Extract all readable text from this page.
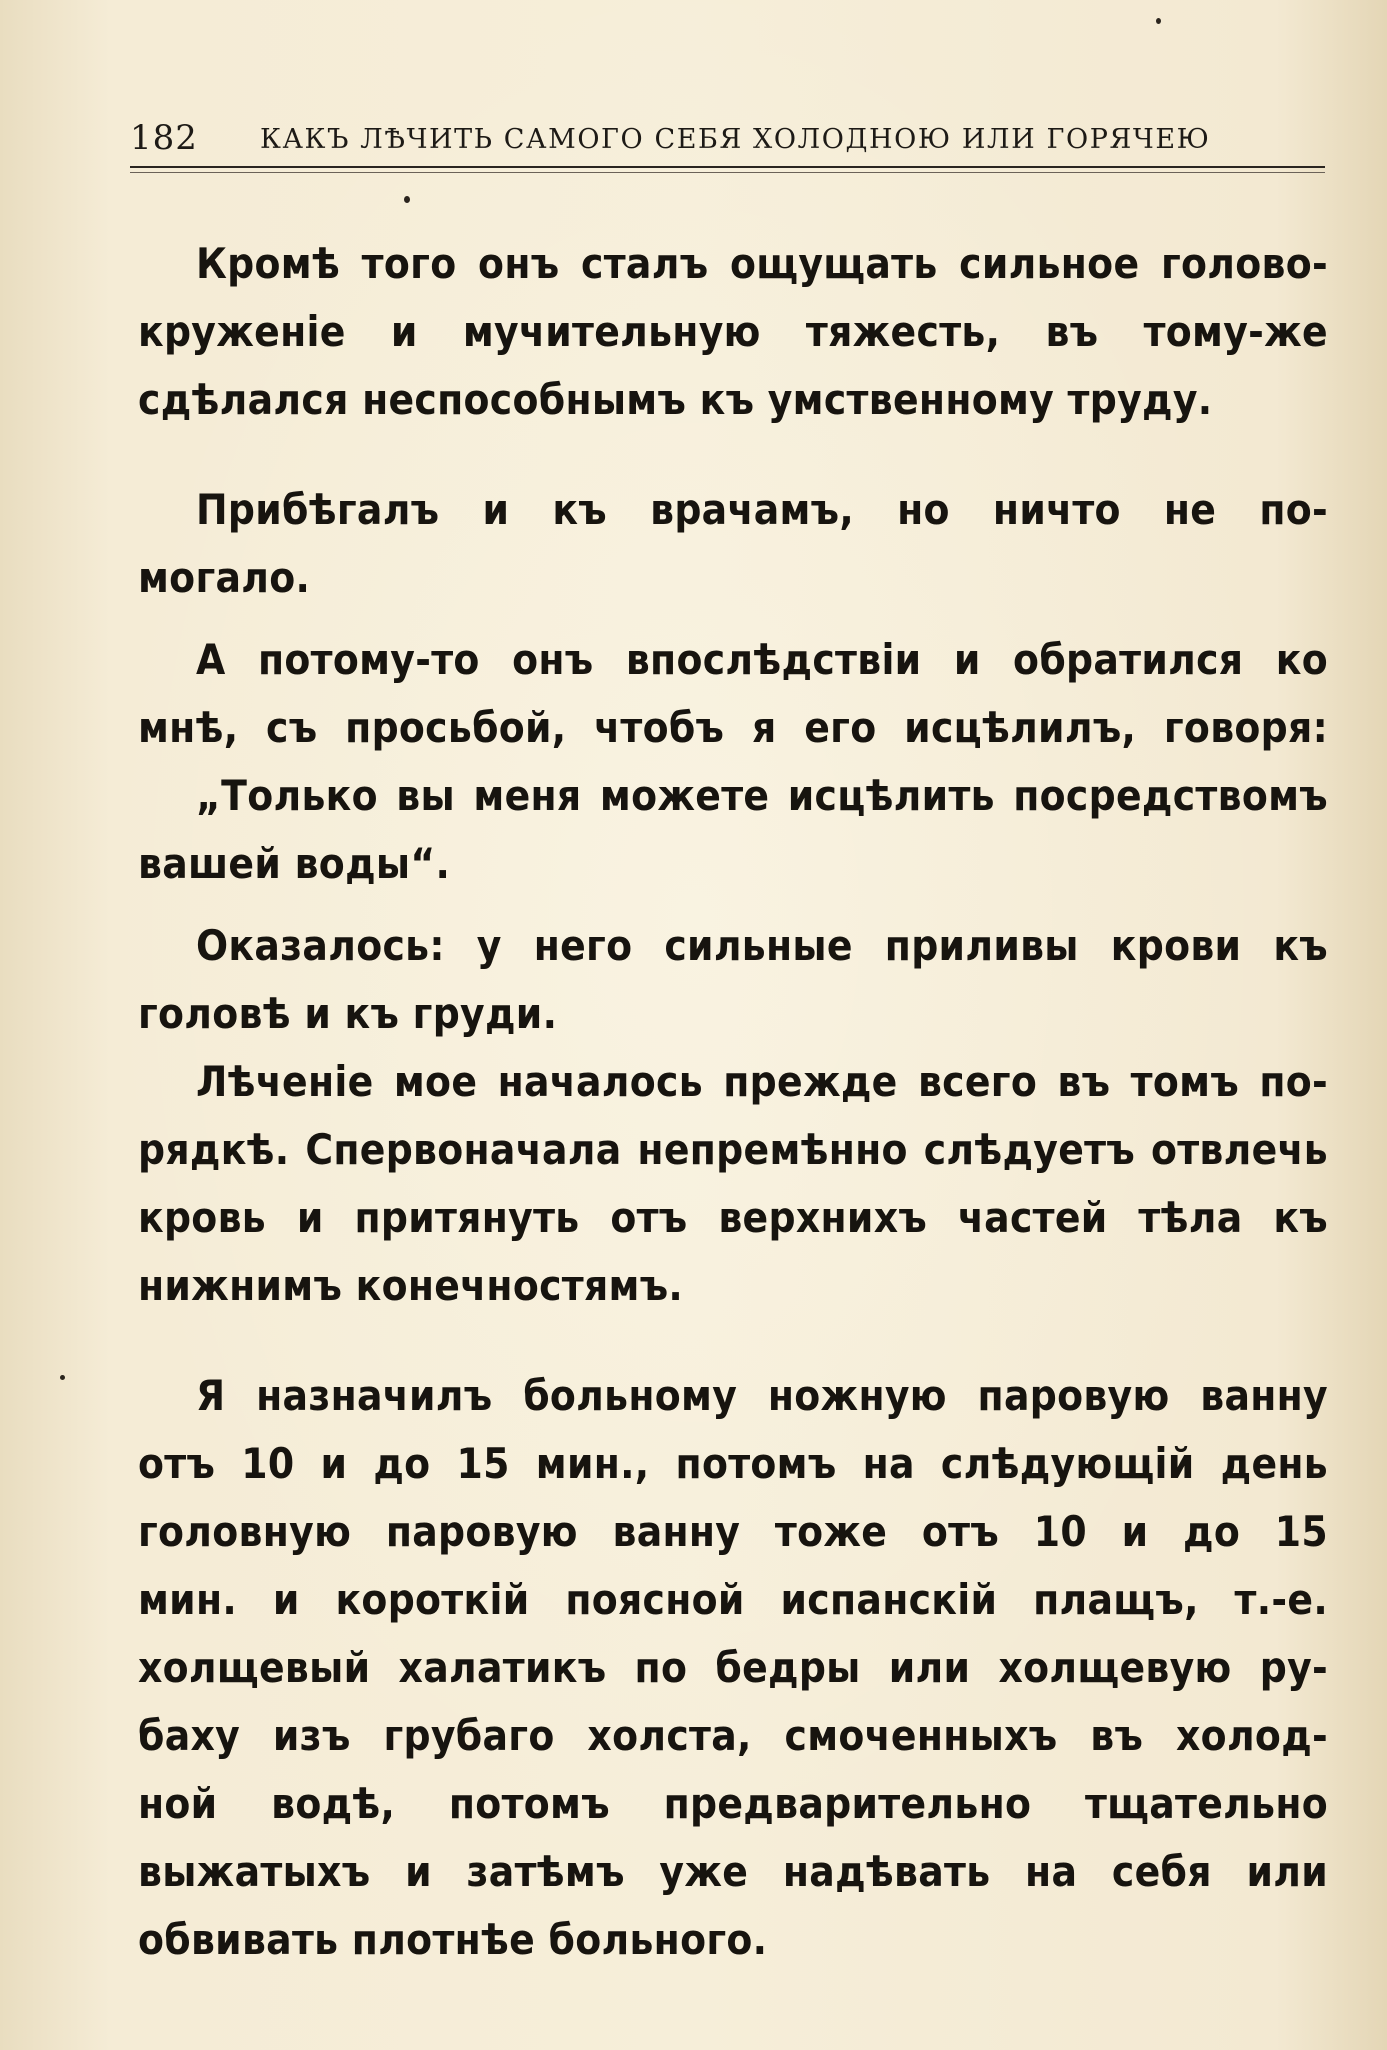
182 КАКЪ ЛѢЧИТЬ САМОГО СЕБЯ ХОЛОДНОЮ ИЛИ ГОРЯЧЕЮ
Кромѣ того онъ сталъ ощущать сильное голово-
круженіе и мучительную тяжесть, въ тому-же
сдѣлался неспособнымъ къ умственному труду.
Прибѣгалъ и къ врачамъ, но ничто не по-
могало.
А потому-то онъ впослѣдствіи и обратился ко
мнѣ, съ просьбой, чтобъ я его исцѣлилъ, говоря:
„Только вы меня можете исцѣлить посредствомъ
вашей воды“.
Оказалось: у него сильные приливы крови къ
головѣ и къ груди.
Лѣченіе мое началось прежде всего въ томъ по-
рядкѣ. Спервоначала непремѣнно слѣдуетъ отвлечь
кровь и притянуть отъ верхнихъ частей тѣла къ
нижнимъ конечностямъ.
Я назначилъ больному ножную паровую ванну
отъ 10 и до 15 мин., потомъ на слѣдующій день
головную паровую ванну тоже отъ 10 и до 15
мин. и короткій поясной испанскій плащъ, т.-е.
холщевый халатикъ по бедры или холщевую ру-
баху изъ грубаго холста, смоченныхъ въ холод-
ной водѣ, потомъ предварительно тщательно
выжатыхъ и затѣмъ уже надѣвать на себя или
обвивать плотнѣе больного.
